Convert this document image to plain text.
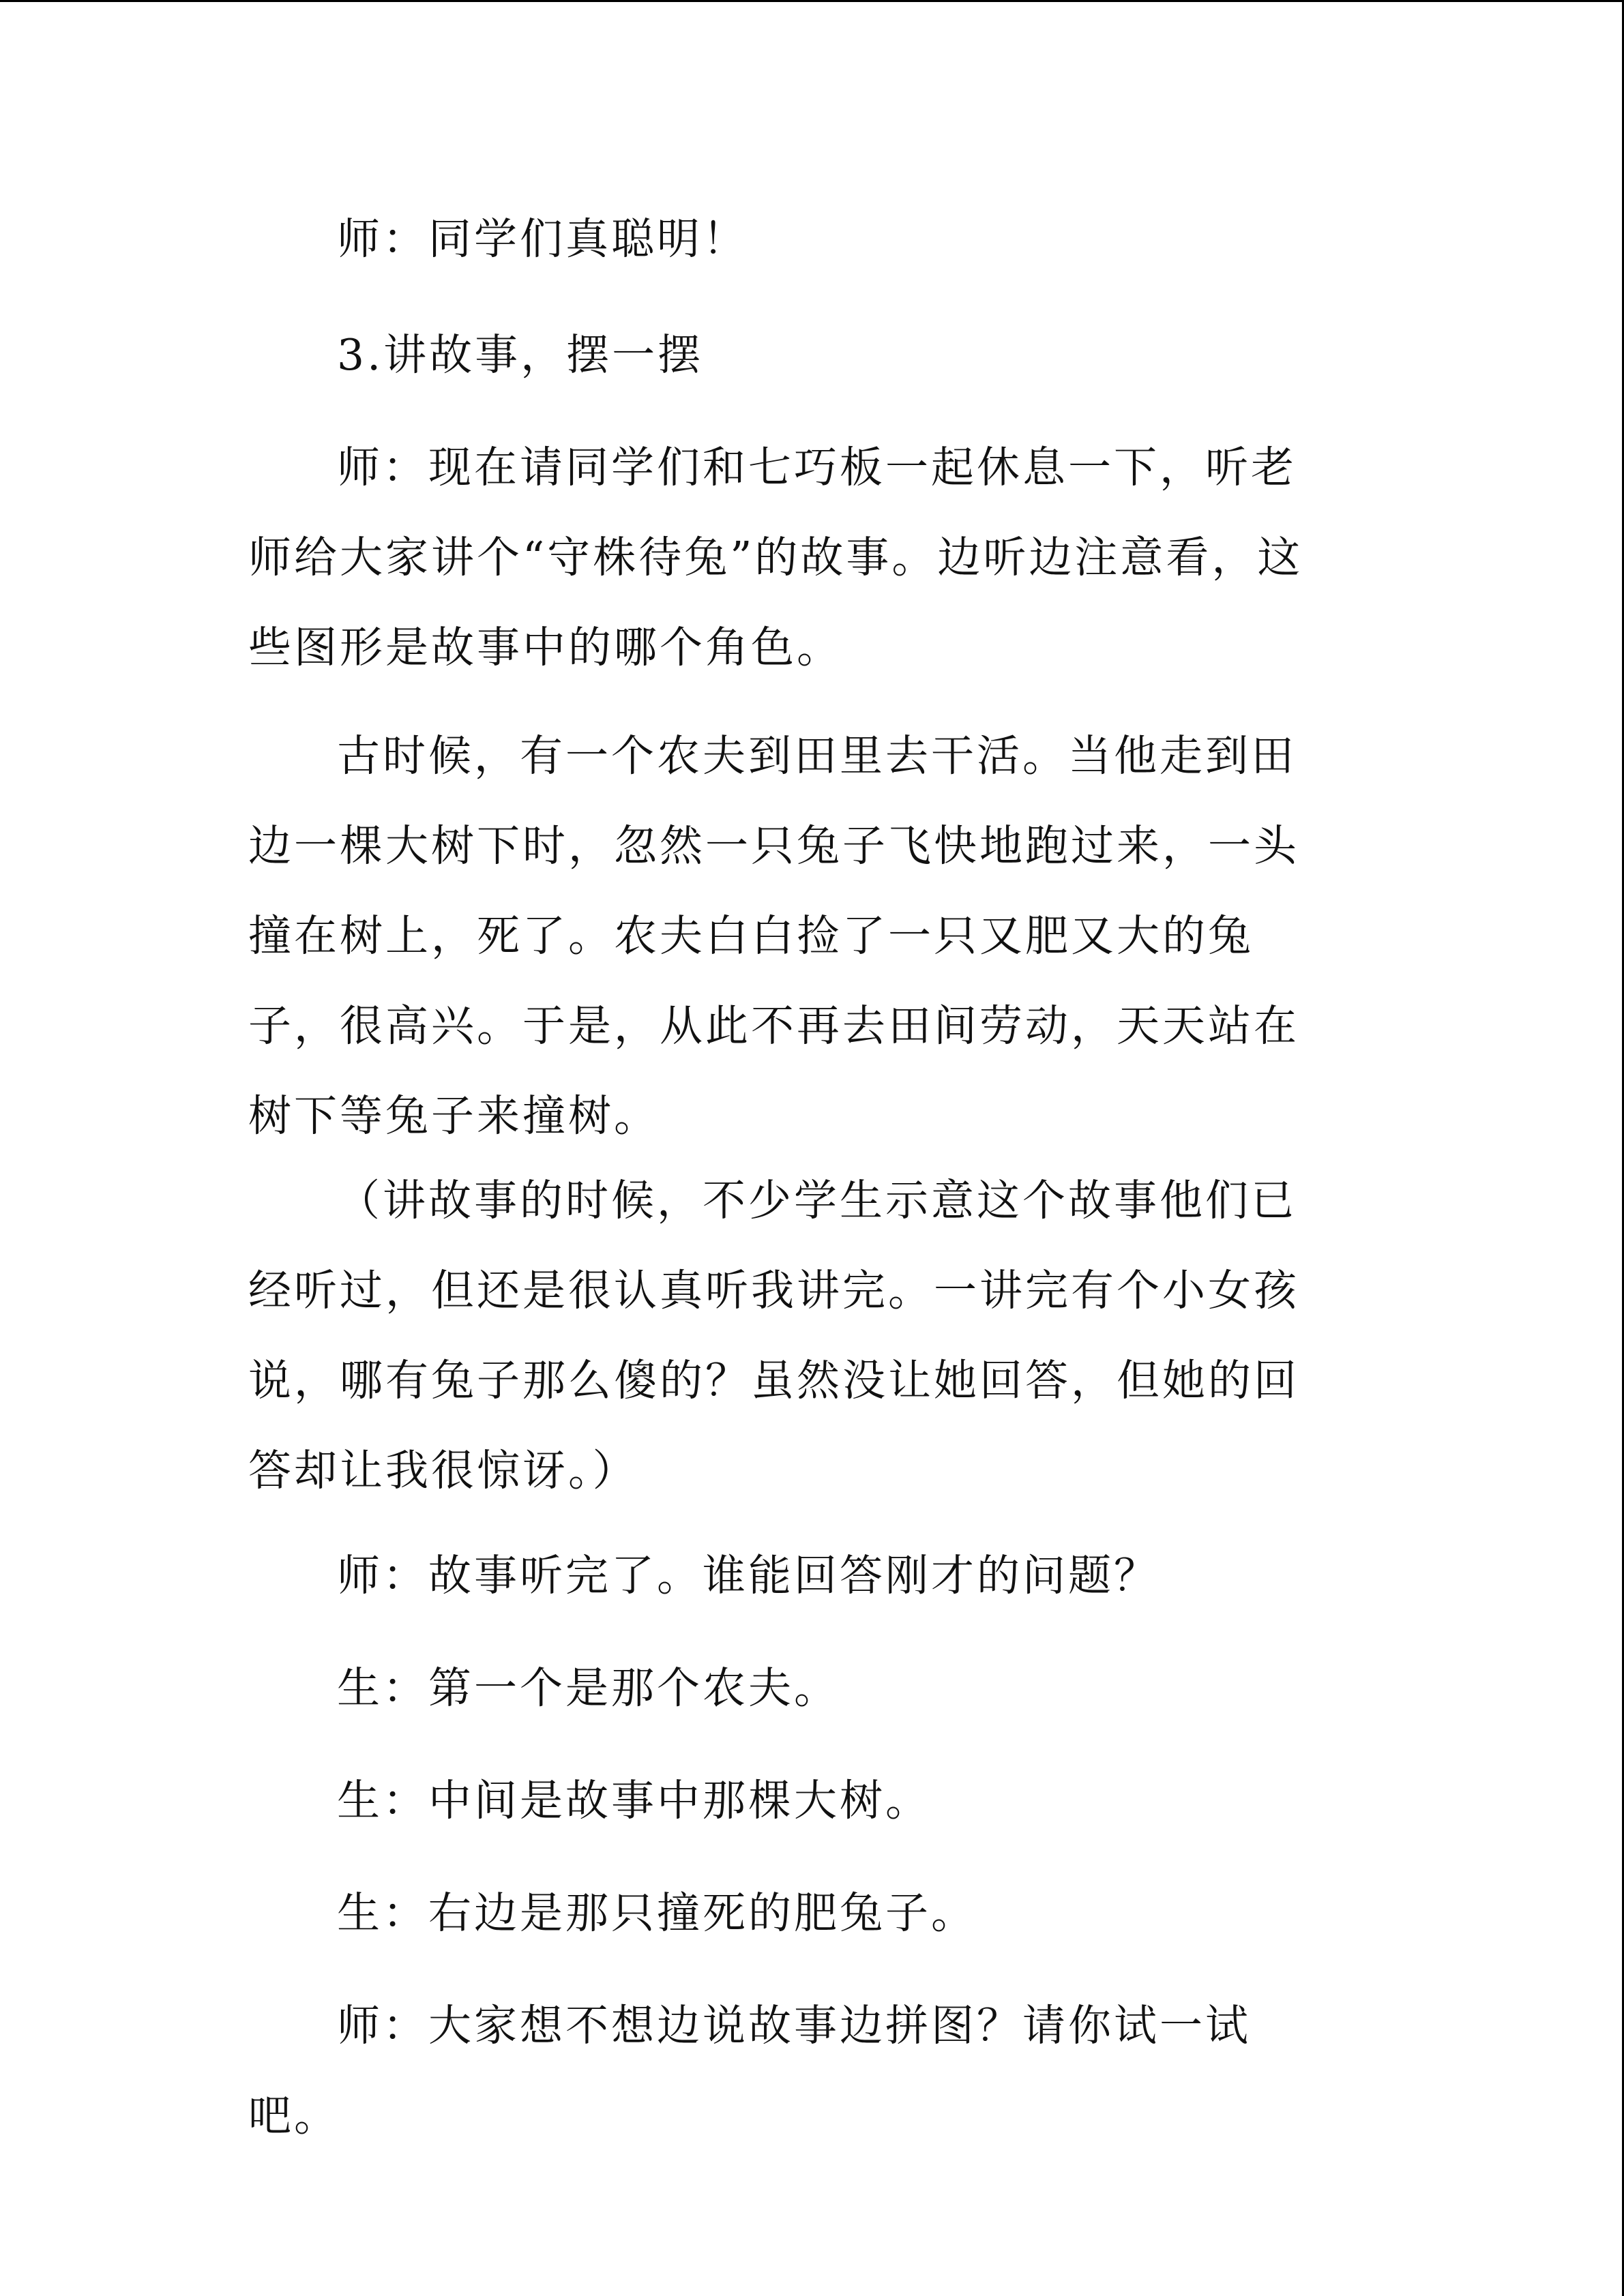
师：同学们真聪明！

3.讲故事，摆一摆

师：现在请同学们和七巧板一起休息一下，听老师给大家讲个“守株待兔”的故事。边听边注意看，这些图形是故事中的哪个角色。

古时候，有一个农夫到田里去干活。当他走到田边一棵大树下时，忽然一只兔子飞快地跑过来，一头撞在树上，死了。农夫白白捡了一只又肥又大的兔子，很高兴。于是，从此不再去田间劳动，天天站在树下等兔子来撞树。

（讲故事的时候，不少学生示意这个故事他们已经听过，但还是很认真听我讲完。一讲完有个小女孩说，哪有兔子那么傻的？虽然没让她回答，但她的回答却让我很惊讶。）

师：故事听完了。谁能回答刚才的问题？

生：第一个是那个农夫。

生：中间是故事中那棵大树。

生：右边是那只撞死的肥兔子。

师：大家想不想边说故事边拼图？请你试一试吧。
